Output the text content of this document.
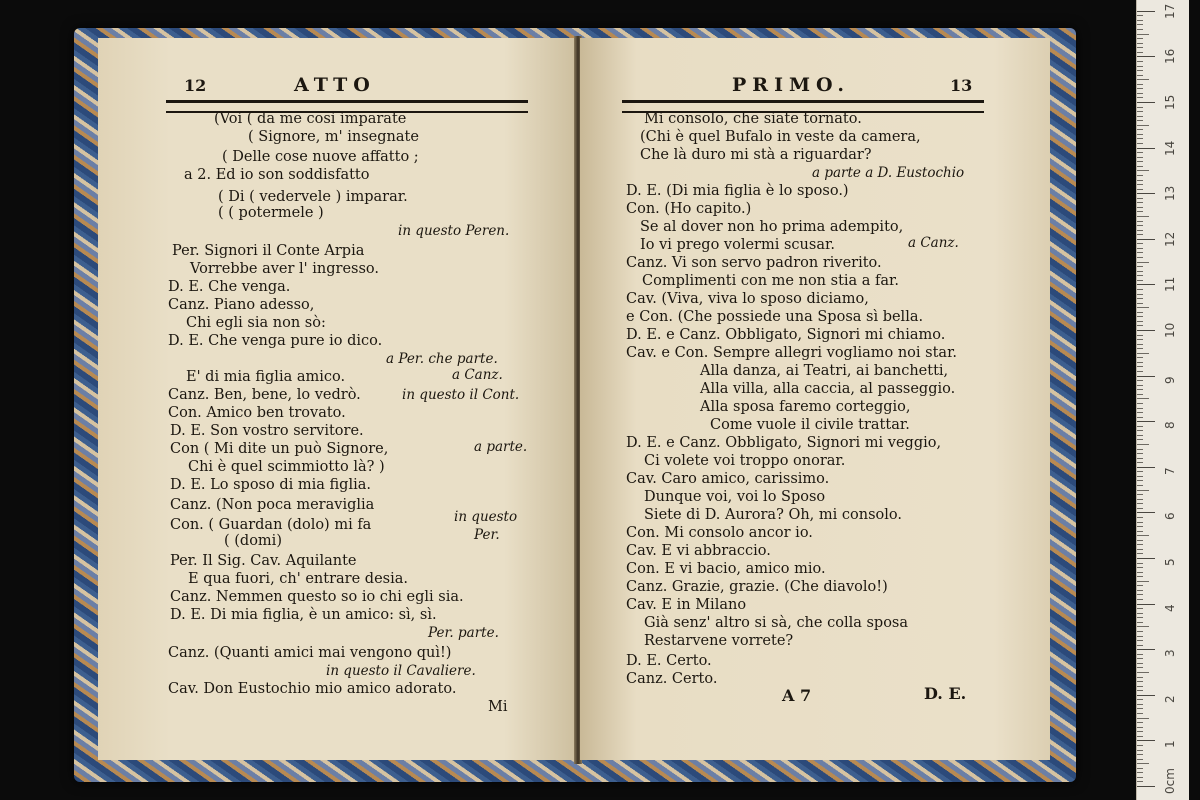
12	ATTO
(Voi ( da me così imparate
( Signore, m' insegnate
( Delle cose nuove affatto ;
a 2. Ed io son soddisfatto
( Di ( vedervele ) imparar.
( ( potermele )
in questo Peren.
Per. Signori il Conte Arpia
Vorrebbe aver l' ingresso.
D. E. Che venga.
Canz. Piano adesso,
Chi egli sia non sò:
D. E. Che venga pure io dico.
a Per. che parte.
E' di mia figlia amico.	a Canz.
Canz. Ben, bene, lo vedrò.	in questo il Cont.
Con. Amico ben trovato.
D. E. Son vostro servitore.
Con ( Mi dite un può Signore,	a parte.
Chi è quel scimmiotto là? )
D. E. Lo sposo di mia figlia.
Canz. (Non poca meraviglia
Con. ( Guardan (dolo) mi fa
( (domi)
in questo
Per.
Per. Il Sig. Cav. Aquilante
E qua fuori, ch' entrare desia.
Canz. Nemmen questo so io chi egli sia.
D. E. Di mia figlia, è un amico: sì, sì.
Per. parte.
Canz. (Quanti amici mai vengono quì!)
in questo il Cavaliere.
Cav. Don Eustochio mio amico adorato.
Mi
PRIMO.	13
Mi consolo, che siate tornato.
(Chi è quel Bufalo in veste da camera,
Che là duro mi stà a riguardar?
a parte a D. Eustochio
D. E. (Di mia figlia è lo sposo.)
Con. (Ho capito.)
Se al dover non ho prima adempito,
Io vi prego volermi scusar.	a Canz.
Canz. Vi son servo padron riverito.
Complimenti con me non stia a far.
Cav. (Viva, viva lo sposo diciamo,
e Con. (Che possiede una Sposa sì bella.
D. E. e Canz. Obbligato, Signori mi chiamo.
Cav. e Con. Sempre allegri vogliamo noi star.
Alla danza, ai Teatri, ai banchetti,
Alla villa, alla caccia, al passeggio.
Alla sposa faremo corteggio,
Come vuole il civile trattar.
D. E. e Canz. Obbligato, Signori mi veggio,
Ci volete voi troppo onorar.
Cav. Caro amico, carissimo.
Dunque voi, voi lo Sposo
Siete di D. Aurora? Oh, mi consolo.
Con. Mi consolo ancor io.
Cav. E vi abbraccio.
Con. E vi bacio, amico mio.
Canz. Grazie, grazie. (Che diavolo!)
Cav. E in Milano
Già senz' altro si sà, che colla sposa
Restarvene vorrete?
D. E. Certo.
Canz. Certo.
A 7	D. E.
0cm
1
2
3
4
5
6
7
8
9
10
11
12
13
14
15
16
17
